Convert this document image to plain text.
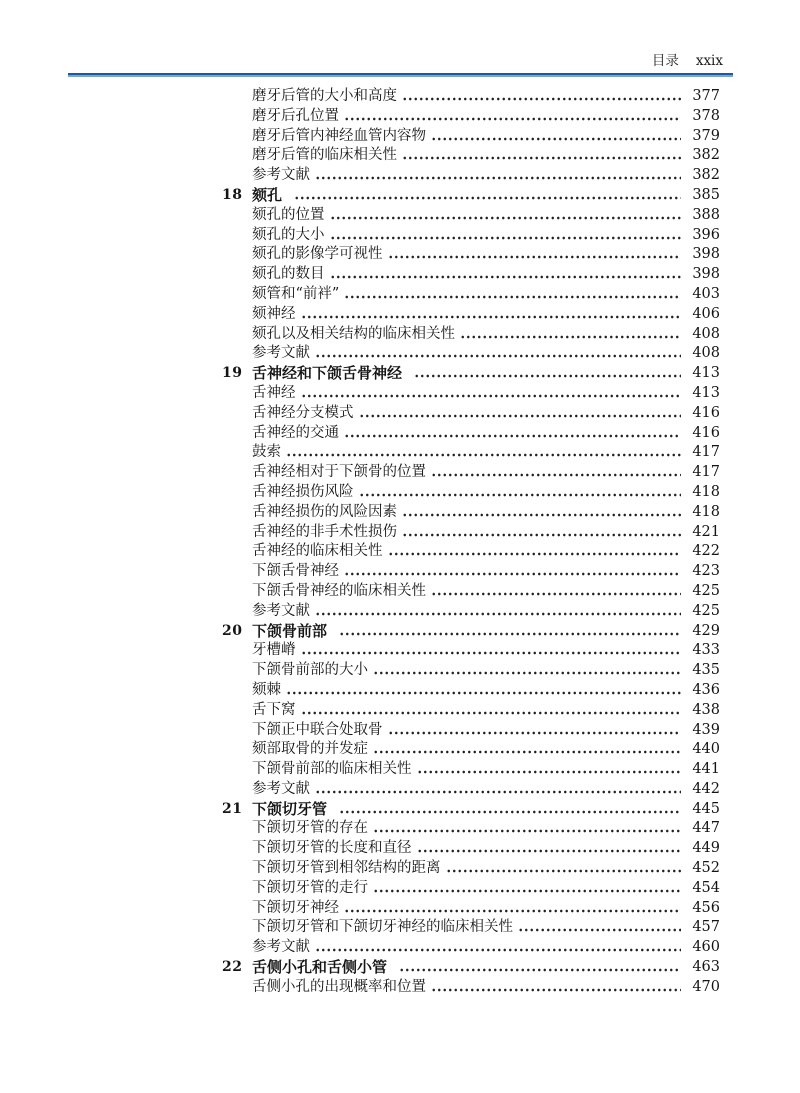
目录 xxix
磨牙后管的大小和高度	377
磨牙后孔位置	378
磨牙后管内神经血管内容物	379
磨牙后管的临床相关性	382
参考文献	382
18 颏孔	385
颏孔的位置	388
颏孔的大小	396
颏孔的影像学可视性	398
颏孔的数目	398
颏管和“前袢”	403
颏神经	406
颏孔以及相关结构的临床相关性	408
参考文献	408
19 舌神经和下颌舌骨神经	413
舌神经	413
舌神经分支模式	416
舌神经的交通	416
鼓索	417
舌神经相对于下颌骨的位置	417
舌神经损伤风险	418
舌神经损伤的风险因素	418
舌神经的非手术性损伤	421
舌神经的临床相关性	422
下颌舌骨神经	423
下颌舌骨神经的临床相关性	425
参考文献	425
20 下颌骨前部	429
牙槽嵴	433
下颌骨前部的大小	435
颏棘	436
舌下窝	438
下颌正中联合处取骨	439
颏部取骨的并发症	440
下颌骨前部的临床相关性	441
参考文献	442
21 下颌切牙管	445
下颌切牙管的存在	447
下颌切牙管的长度和直径	449
下颌切牙管到相邻结构的距离	452
下颌切牙管的走行	454
下颌切牙神经	456
下颌切牙管和下颌切牙神经的临床相关性	457
参考文献	460
22 舌侧小孔和舌侧小管	463
舌侧小孔的出现概率和位置	470
